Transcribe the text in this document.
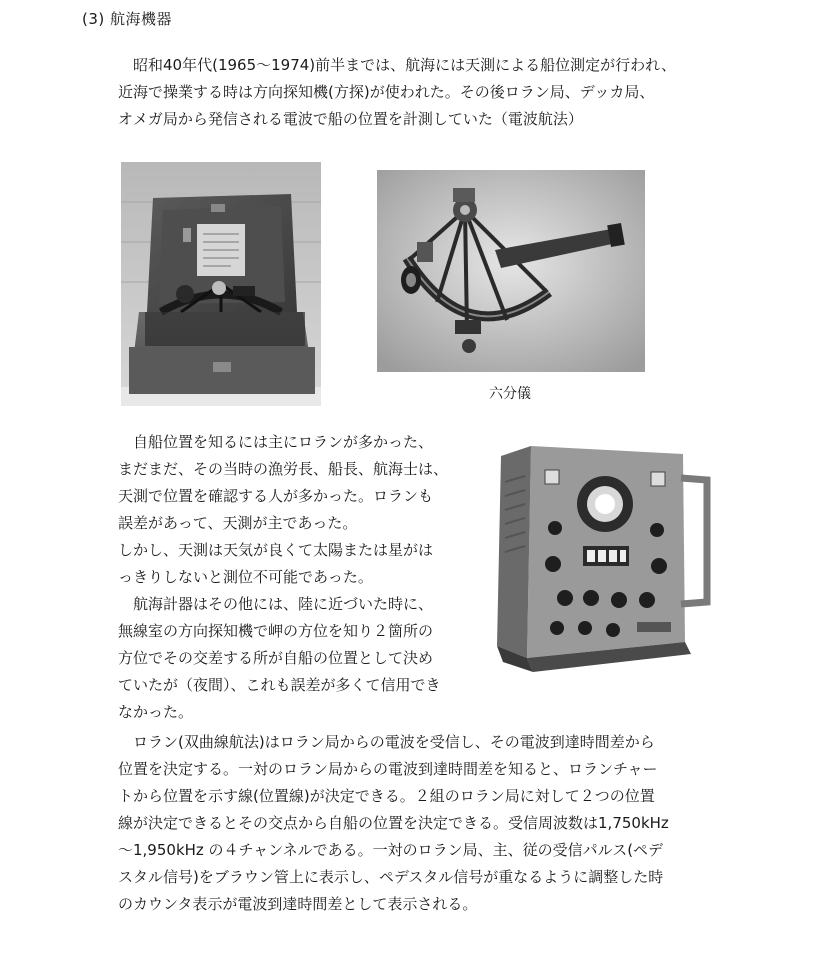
(3) 航海機器
　昭和40年代(1965〜1974)前半までは、航海には天測による船位測定が行われ、
近海で操業する時は方向探知機(方探)が使われた。その後ロラン局、デッカ局、
オメガ局から発信される電波で船の位置を計測していた（電波航法）
六分儀
　自船位置を知るには主にロランが多かった、
まだまだ、その当時の漁労長、船長、航海士は、
天測で位置を確認する人が多かった。ロランも
誤差があって、天測が主であった。
しかし、天測は天気が良くて太陽または星がは
っきりしないと測位不可能であった。
　航海計器はその他には、陸に近づいた時に、
無線室の方向探知機で岬の方位を知り２箇所の
方位でその交差する所が自船の位置として決め
ていたが（夜間）、これも誤差が多くて信用でき
なかった。
　ロラン(双曲線航法)はロラン局からの電波を受信し、その電波到達時間差から
位置を決定する。一対のロラン局からの電波到達時間差を知ると、ロランチャー
トから位置を示す線(位置線)が決定できる。２組のロラン局に対して２つの位置
線が決定できるとその交点から自船の位置を決定できる。受信周波数は1,750kHz
〜1,950kHz の４チャンネルである。一対のロラン局、主、従の受信パルス(ペデ
スタル信号)をブラウン管上に表示し、ペデスタル信号が重なるように調整した時
のカウンタ表示が電波到達時間差として表示される。
